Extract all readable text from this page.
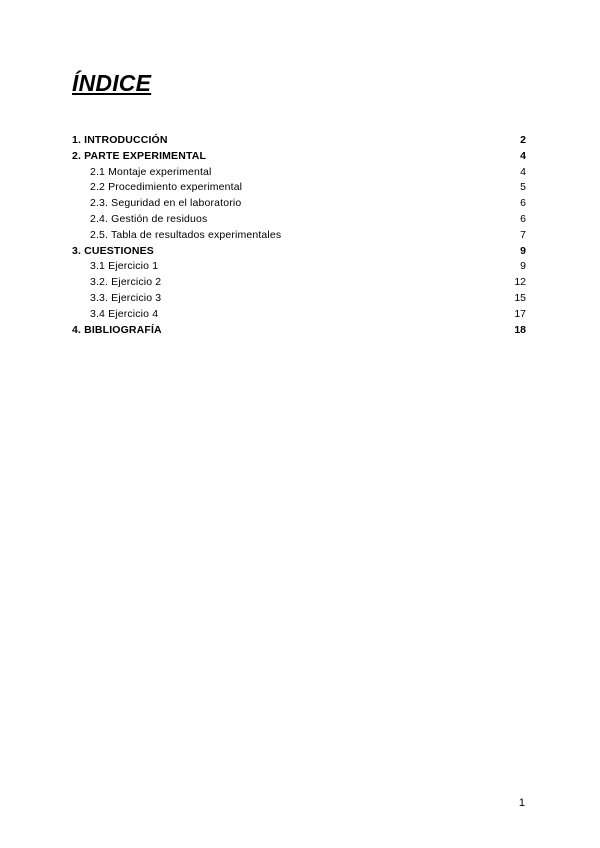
ÍNDICE
1. INTRODUCCIÓN	2
2. PARTE EXPERIMENTAL	4
2.1 Montaje experimental	4
2.2 Procedimiento experimental	5
2.3. Seguridad en el laboratorio	6
2.4. Gestión de residuos	6
2.5. Tabla de resultados experimentales	7
3. CUESTIONES	9
3.1 Ejercicio 1	9
3.2. Ejercicio 2	12
3.3. Ejercicio 3	15
3.4 Ejercicio 4	17
4. BIBLIOGRAFÍA	18
1
